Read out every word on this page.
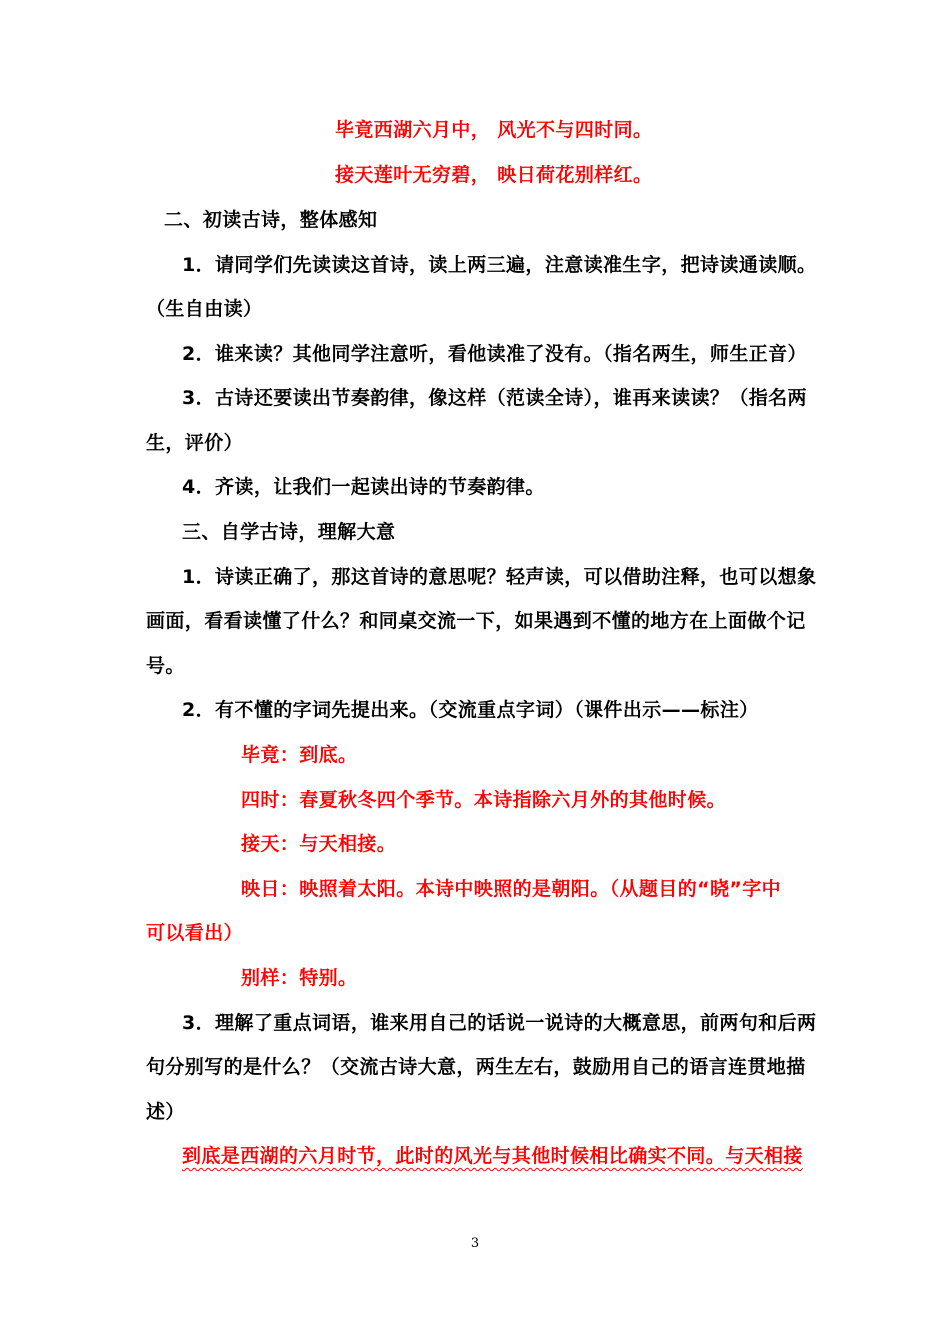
毕竟西湖六月中， 风光不与四时同。
接天莲叶无穷碧， 映日荷花别样红。
二、初读古诗，整体感知
1．请同学们先读读这首诗，读上两三遍，注意读准生字，把诗读通读顺。
（生自由读）
2．谁来读？其他同学注意听，看他读准了没有。（指名两生，师生正音）
3．古诗还要读出节奏韵律，像这样（范读全诗），谁再来读读？（指名两
生，评价）
4．齐读，让我们一起读出诗的节奏韵律。
三、自学古诗，理解大意
1．诗读正确了，那这首诗的意思呢？轻声读，可以借助注释，也可以想象
画面，看看读懂了什么？和同桌交流一下，如果遇到不懂的地方在上面做个记
号。
2．有不懂的字词先提出来。（交流重点字词）（课件出示——标注）
毕竟：到底。
四时：春夏秋冬四个季节。本诗指除六月外的其他时候。
接天：与天相接。
映日：映照着太阳。本诗中映照的是朝阳。（从题目的“晓”字中
可以看出）
别样：特别。
3．理解了重点词语，谁来用自己的话说一说诗的大概意思，前两句和后两
句分别写的是什么？（交流古诗大意，两生左右，鼓励用自己的语言连贯地描
述）
到底是西湖的六月时节，此时的风光与其他时候相比确实不同。与天相接
3
